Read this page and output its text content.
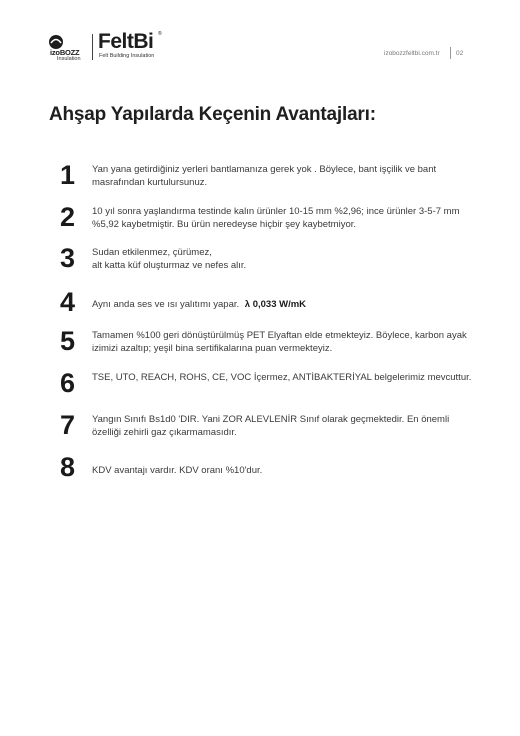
izoBOZZ
Insulation
FeltBi ®
Felt Building Insulation	izobozzfeltbi.com.tr	02
Ahşap Yapılarda Keçenin Avantajları:
1	Yan yana getirdiğiniz yerleri bantlamanıza gerek yok . Böylece, bant işçilik ve bant masrafından kurtulursunuz.
2	10 yıl sonra yaşlandırma testinde kalın ürünler 10-15 mm %2,96; ince ürünler 3-5-7 mm %5,92 kaybetmiştir. Bu ürün neredeyse hiçbir şey kaybetmiyor.
3	Sudan etkilenmez, çürümez,
alt katta küf oluşturmaz ve nefes alır.
4	Aynı anda ses ve ısı yalıtımı yapar. λ 0,033 W/mK
5	Tamamen %100 geri dönüştürülmüş PET Elyaftan elde etmekteyiz. Böylece, karbon ayak izimizi azaltıp; yeşil bina sertifikalarına puan vermekteyiz.
6	TSE, UTO, REACH, ROHS, CE, VOC İçermez, ANTİBAKTERİYAL belgelerimiz mevcuttur.
7	Yangın Sınıfı Bs1d0 'DIR. Yani ZOR ALEVLENİR Sınıf olarak geçmektedir. En önemli özelliği zehirli gaz çıkarmamasıdır.
8	KDV avantajı vardır. KDV oranı %10'dur.
